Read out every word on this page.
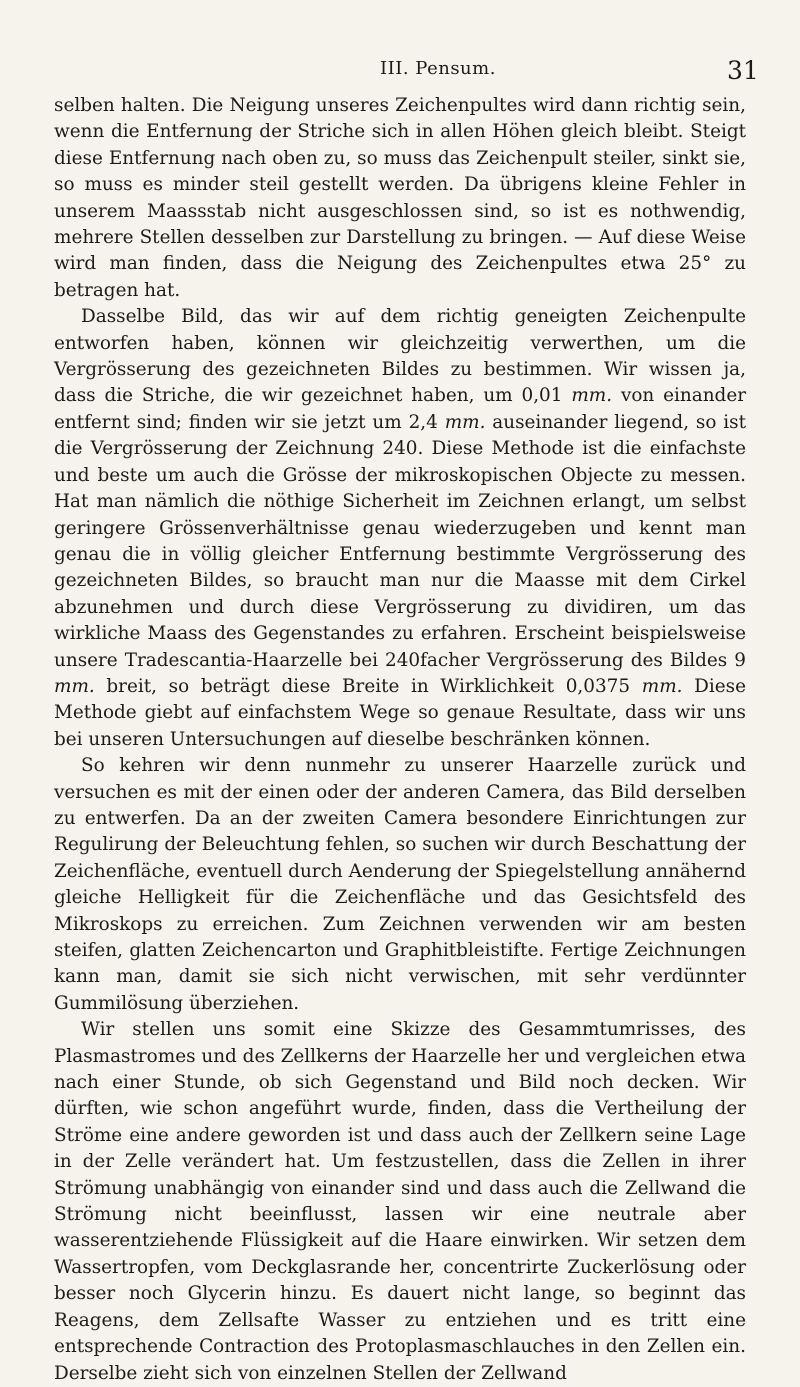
III. Pensum.	31

selben halten. Die Neigung unseres Zeichenpultes wird dann richtig sein, wenn die Entfernung der Striche sich in allen Höhen gleich bleibt. Steigt diese Entfernung nach oben zu, so muss das Zeichenpult steiler, sinkt sie, so muss es minder steil gestellt werden. Da übrigens kleine Fehler in unserem Maassstab nicht ausgeschlossen sind, so ist es nothwendig, mehrere Stellen desselben zur Darstellung zu bringen. — Auf diese Weise wird man finden, dass die Neigung des Zeichenpultes etwa 25° zu betragen hat.

Dasselbe Bild, das wir auf dem richtig geneigten Zeichenpulte entworfen haben, können wir gleichzeitig verwerthen, um die Vergrösserung des gezeichneten Bildes zu bestimmen. Wir wissen ja, dass die Striche, die wir gezeichnet haben, um 0,01 mm. von einander entfernt sind; finden wir sie jetzt um 2,4 mm. auseinander liegend, so ist die Vergrösserung der Zeichnung 240. Diese Methode ist die einfachste und beste um auch die Grösse der mikroskopischen Objecte zu messen. Hat man nämlich die nöthige Sicherheit im Zeichnen erlangt, um selbst geringere Grössenverhältnisse genau wiederzugeben und kennt man genau die in völlig gleicher Entfernung bestimmte Vergrösserung des gezeichneten Bildes, so braucht man nur die Maasse mit dem Cirkel abzunehmen und durch diese Vergrösserung zu dividiren, um das wirkliche Maass des Gegenstandes zu erfahren. Erscheint beispielsweise unsere Tradescantia-Haarzelle bei 240facher Vergrösserung des Bildes 9 mm. breit, so beträgt diese Breite in Wirklichkeit 0,0375 mm. Diese Methode giebt auf einfachstem Wege so genaue Resultate, dass wir uns bei unseren Untersuchungen auf dieselbe beschränken können.

So kehren wir denn nunmehr zu unserer Haarzelle zurück und versuchen es mit der einen oder der anderen Camera, das Bild derselben zu entwerfen. Da an der zweiten Camera besondere Einrichtungen zur Regulirung der Beleuchtung fehlen, so suchen wir durch Beschattung der Zeichenfläche, eventuell durch Aenderung der Spiegelstellung annähernd gleiche Helligkeit für die Zeichenfläche und das Gesichtsfeld des Mikroskops zu erreichen. Zum Zeichnen verwenden wir am besten steifen, glatten Zeichencarton und Graphitbleistifte. Fertige Zeichnungen kann man, damit sie sich nicht verwischen, mit sehr verdünnter Gummilösung überziehen.

Wir stellen uns somit eine Skizze des Gesammtumrisses, des Plasmastromes und des Zellkerns der Haarzelle her und vergleichen etwa nach einer Stunde, ob sich Gegenstand und Bild noch decken. Wir dürften, wie schon angeführt wurde, finden, dass die Vertheilung der Ströme eine andere geworden ist und dass auch der Zellkern seine Lage in der Zelle verändert hat. Um festzustellen, dass die Zellen in ihrer Strömung unabhängig von einander sind und dass auch die Zellwand die Strömung nicht beeinflusst, lassen wir eine neutrale aber wasserentziehende Flüssigkeit auf die Haare einwirken. Wir setzen dem Wassertropfen, vom Deckglasrande her, concentrirte Zuckerlösung oder besser noch Glycerin hinzu. Es dauert nicht lange, so beginnt das Reagens, dem Zellsafte Wasser zu entziehen und es tritt eine entsprechende Contraction des Protoplasmaschlauches in den Zellen ein. Derselbe zieht sich von einzelnen Stellen der Zellwand
